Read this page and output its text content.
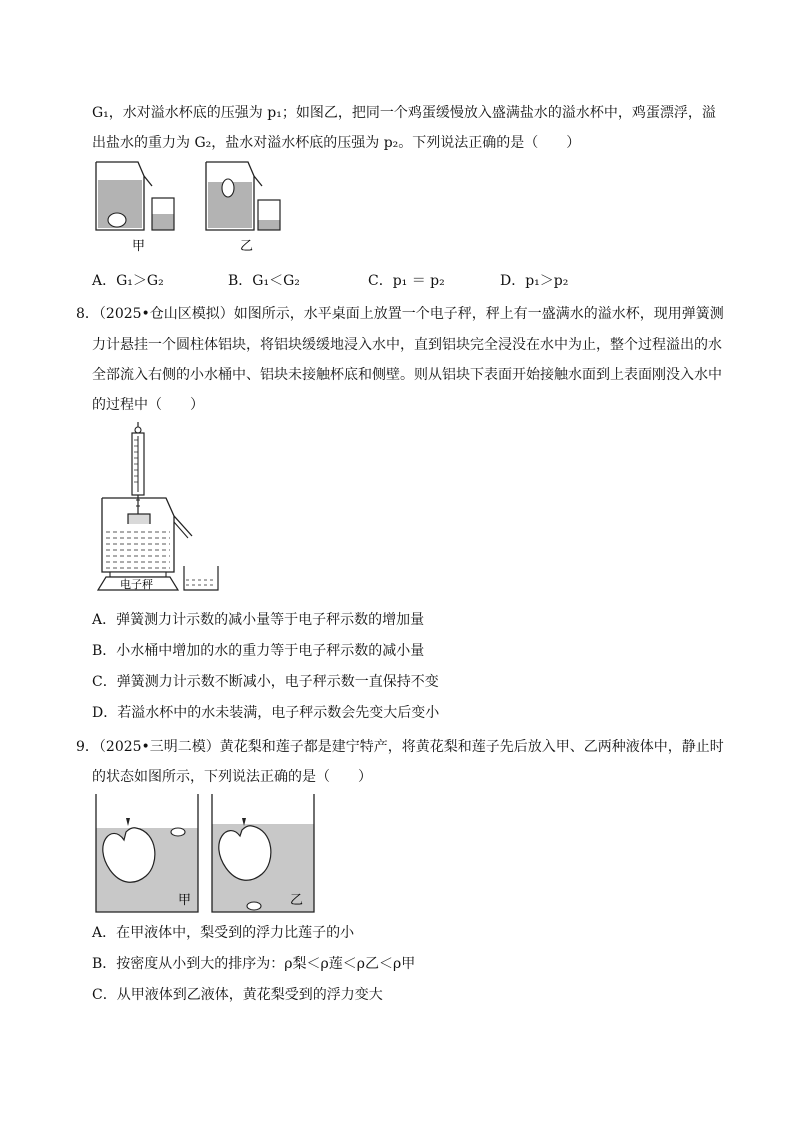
G₁，水对溢水杯底的压强为 p₁；如图乙，把同一个鸡蛋缓慢放入盛满盐水的溢水杯中，鸡蛋漂浮，溢
出盐水的重力为 G₂，盐水对溢水杯底的压强为 p₂。下列说法正确的是（　　）
甲	乙
A．G₁＞G₂	B．G₁＜G₂	C．p₁ ＝ p₂	D．p₁＞p₂
8．（2025•仓山区模拟）如图所示，水平桌面上放置一个电子秤，秤上有一盛满水的溢水杯，现用弹簧测
力计悬挂一个圆柱体铝块，将铝块缓缓地浸入水中，直到铝块完全浸没在水中为止，整个过程溢出的水
全部流入右侧的小水桶中、铝块未接触杯底和侧壁。则从铝块下表面开始接触水面到上表面刚没入水中
的过程中（　　）
电子秤
A．弹簧测力计示数的减小量等于电子秤示数的增加量
B．小水桶中增加的水的重力等于电子秤示数的减小量
C．弹簧测力计示数不断减小，电子秤示数一直保持不变
D．若溢水杯中的水未装满，电子秤示数会先变大后变小
9．（2025•三明二模）黄花梨和莲子都是建宁特产，将黄花梨和莲子先后放入甲、乙两种液体中，静止时
的状态如图所示，下列说法正确的是（　　）
甲	乙
A．在甲液体中，梨受到的浮力比莲子的小
B．按密度从小到大的排序为：ρ梨＜ρ莲＜ρ乙＜ρ甲
C．从甲液体到乙液体，黄花梨受到的浮力变大
